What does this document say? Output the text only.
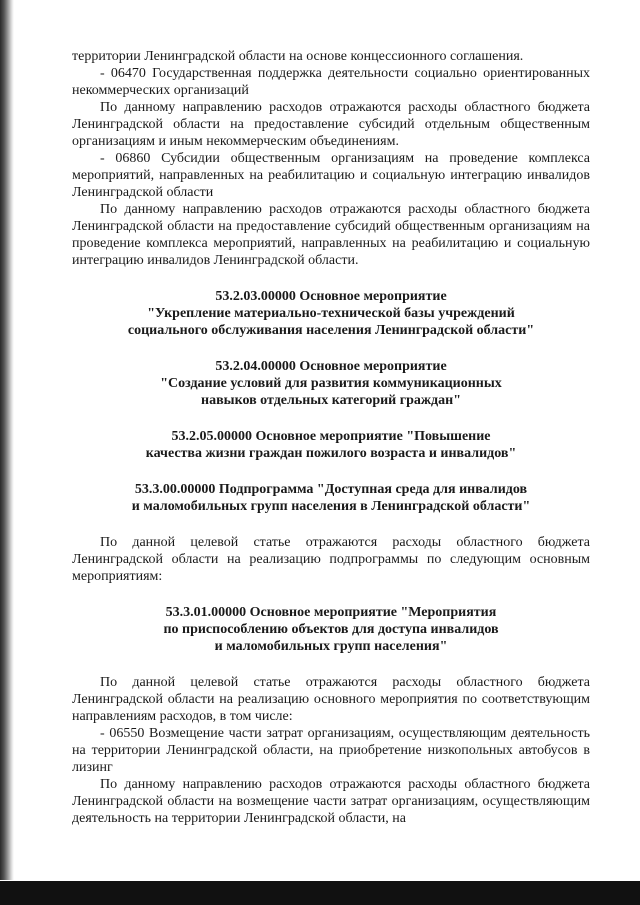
территории Ленинградской области на основе концессионного соглашения.

- 06470 Государственная поддержка деятельности социально ориентированных некоммерческих организаций

По данному направлению расходов отражаются расходы областного бюджета Ленинградской области на предоставление субсидий отдельным общественным организациям и иным некоммерческим объединениям.

- 06860 Субсидии общественным организациям на проведение комплекса мероприятий, направленных на реабилитацию и социальную интеграцию инвалидов Ленинградской области

По данному направлению расходов отражаются расходы областного бюджета Ленинградской области на предоставление субсидий общественным организациям на проведение комплекса мероприятий, направленных на реабилитацию и социальную интеграцию инвалидов Ленинградской области.

53.2.03.00000 Основное мероприятие
"Укрепление материально-технической базы учреждений
социального обслуживания населения Ленинградской области"
53.2.04.00000 Основное мероприятие
"Создание условий для развития коммуникационных
навыков отдельных категорий граждан"
53.2.05.00000 Основное мероприятие "Повышение
качества жизни граждан пожилого возраста и инвалидов"
53.3.00.00000 Подпрограмма "Доступная среда для инвалидов
и маломобильных групп населения в Ленинградской области"

По данной целевой статье отражаются расходы областного бюджета Ленинградской области на реализацию подпрограммы по следующим основным мероприятиям:

53.3.01.00000 Основное мероприятие "Мероприятия
по приспособлению объектов для доступа инвалидов
и маломобильных групп населения"

По данной целевой статье отражаются расходы областного бюджета Ленинградской области на реализацию основного мероприятия по соответствующим направлениям расходов, в том числе:

- 06550 Возмещение части затрат организациям, осуществляющим деятельность на территории Ленинградской области, на приобретение низкопольных автобусов в лизинг

По данному направлению расходов отражаются расходы областного бюджета Ленинградской области на возмещение части затрат организациям, осуществляющим деятельность на территории Ленинградской области, на
